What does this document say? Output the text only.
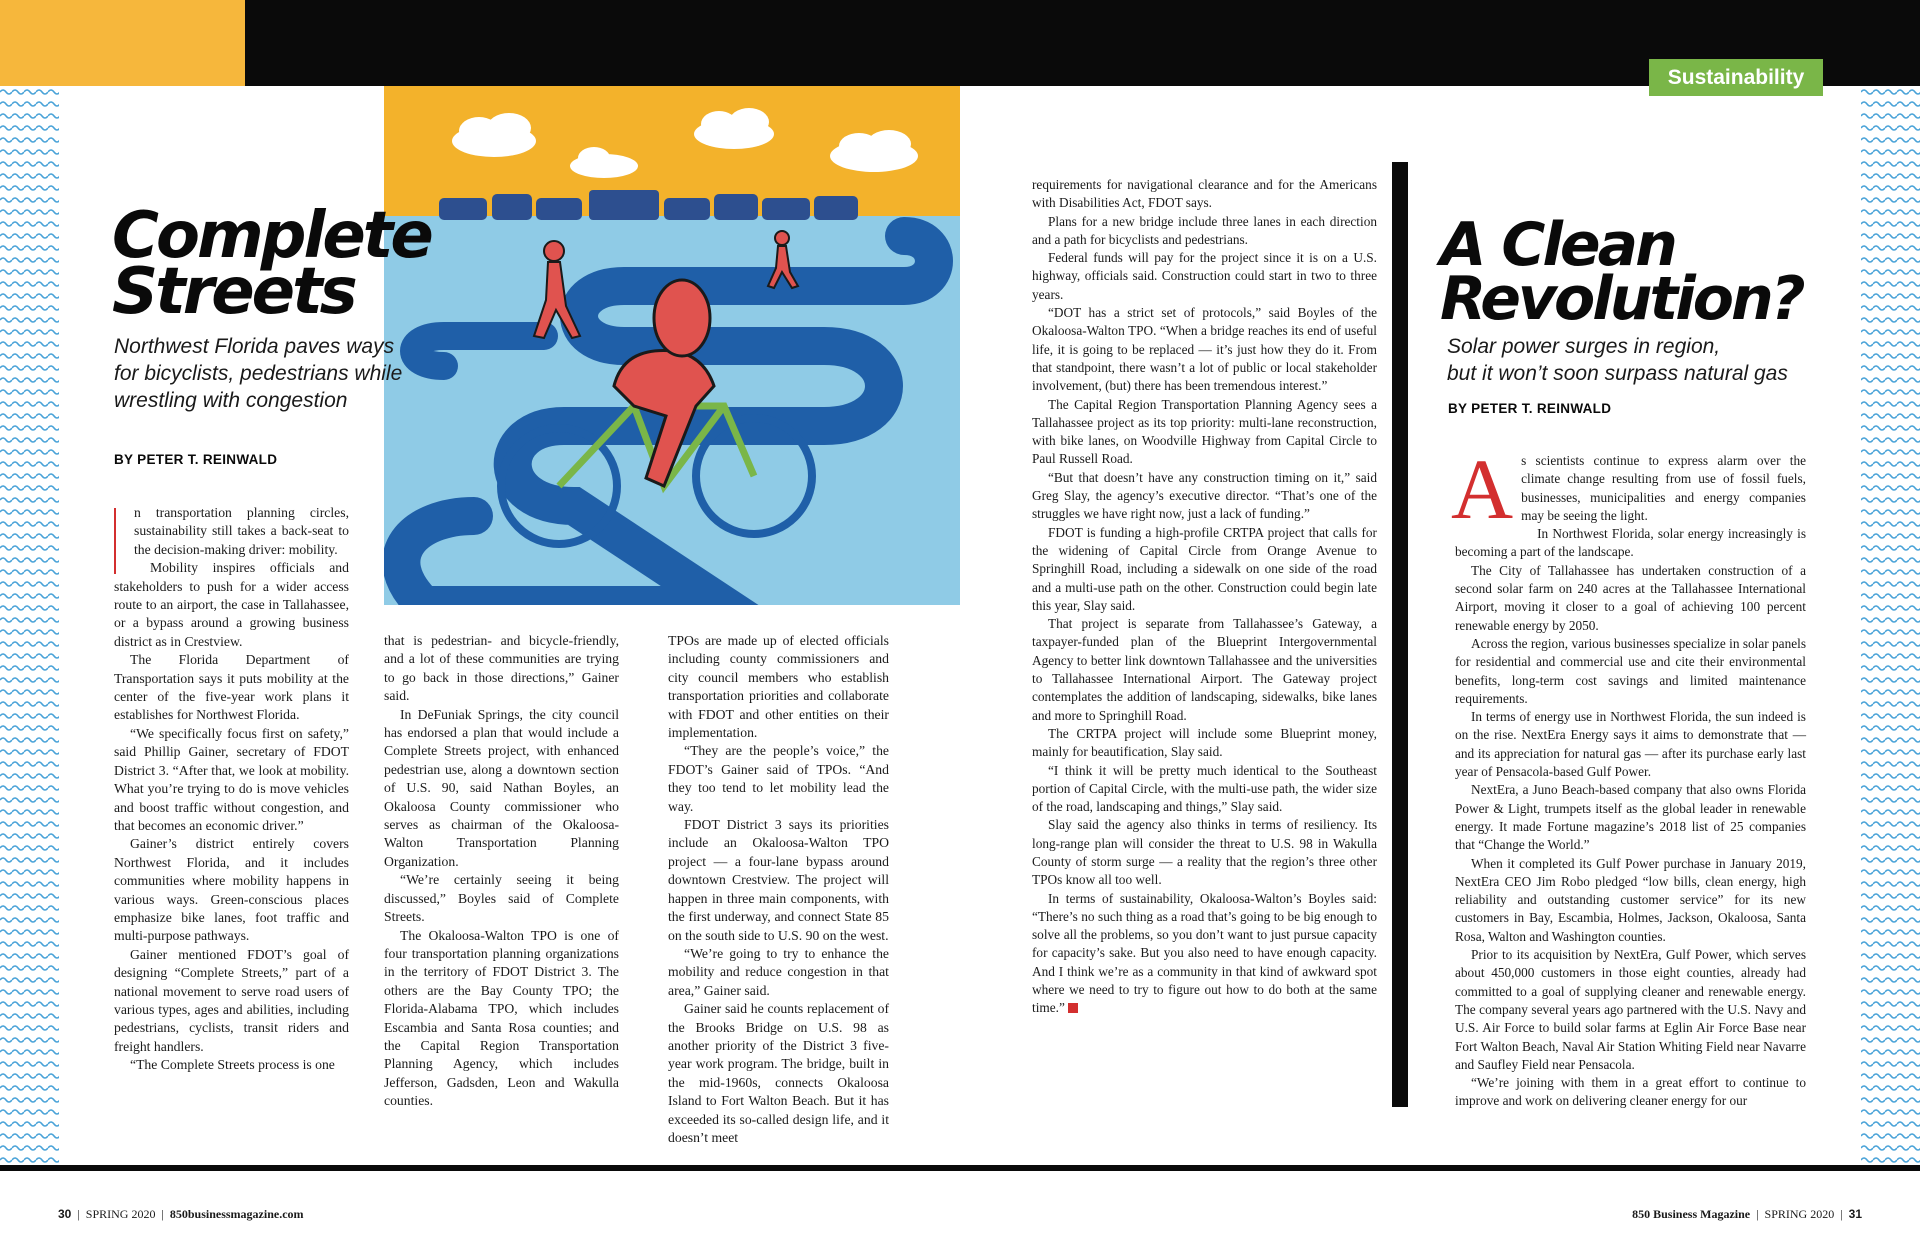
Complete
Streets
Northwest Florida paves ways for bicyclists, pedestrians while wrestling with congestion
BY PETER T. REINWALD

n transportation planning circles, sustainability still takes a back-seat to the decision-making driver: mobility.

Mobility inspires officials and stakeholders to push for a wider access route to an airport, the case in Tallahassee, or a bypass around a growing business district as in Crestview.

The Florida Department of Transportation says it puts mobility at the center of the five-year work plans it establishes for Northwest Florida.

“We specifically focus first on safety,” said Phillip Gainer, secretary of FDOT District 3. “After that, we look at mobility. What you’re trying to do is move vehicles and boost traffic without congestion, and that becomes an economic driver.”

Gainer’s district entirely covers Northwest Florida, and it includes communities where mobility happens in various ways. Green-conscious places emphasize bike lanes, foot traffic and multi-purpose pathways.

Gainer mentioned FDOT’s goal of designing “Complete Streets,” part of a national movement to serve road users of various types, ages and abilities, including pedestrians, cyclists, transit riders and freight handlers.

“The Complete Streets process is one

that is pedestrian- and bicycle-friendly, and a lot of these communities are trying to go back in those directions,” Gainer said.

In DeFuniak Springs, the city council has endorsed a plan that would include a Complete Streets project, with enhanced pedestrian use, along a downtown section of U.S. 90, said Nathan Boyles, an Okaloosa County commissioner who serves as chairman of the Okaloosa-Walton Transportation Planning Organization.

“We’re certainly seeing it being discussed,” Boyles said of Complete Streets.

The Okaloosa-Walton TPO is one of four transportation planning organizations in the territory of FDOT District 3. The others are the Bay County TPO; the Florida-Alabama TPO, which includes Escambia and Santa Rosa counties; and the Capital Region Transportation Planning Agency, which includes Jefferson, Gadsden, Leon and Wakulla counties.

TPOs are made up of elected officials including county commissioners and city council members who establish transportation priorities and collaborate with FDOT and other entities on their implementation.

“They are the people’s voice,” the FDOT’s Gainer said of TPOs. “And they too tend to let mobility lead the way.

FDOT District 3 says its priorities include an Okaloosa-Walton TPO project — a four-lane bypass around downtown Crestview. The project will happen in three main components, with the first underway, and connect State 85 on the south side to U.S. 90 on the west.

“We’re going to try to enhance the mobility and reduce congestion in that area,” Gainer said.

Gainer said he counts replacement of the Brooks Bridge on U.S. 98 as another priority of the District 3 five-year work program. The bridge, built in the mid-1960s, connects Okaloosa Island to Fort Walton Beach. But it has exceeded its so-called design life, and it doesn’t meet

requirements for navigational clearance and for the Americans with Disabilities Act, FDOT says.

Plans for a new bridge include three lanes in each direction and a path for bicyclists and pedestrians.

Federal funds will pay for the project since it is on a U.S. highway, officials said. Construction could start in two to three years.

“DOT has a strict set of protocols,” said Boyles of the Okaloosa-Walton TPO. “When a bridge reaches its end of useful life, it is going to be replaced — it’s just how they do it. From that standpoint, there wasn’t a lot of public or local stakeholder involvement, (but) there has been tremendous interest.”

The Capital Region Transportation Planning Agency sees a Tallahassee project as its top priority: multi-lane reconstruction, with bike lanes, on Woodville Highway from Capital Circle to Paul Russell Road.

“But that doesn’t have any construction timing on it,” said Greg Slay, the agency’s executive director. “That’s one of the struggles we have right now, just a lack of funding.”

FDOT is funding a high-profile CRTPA project that calls for the widening of Capital Circle from Orange Avenue to Springhill Road, including a sidewalk on one side of the road and a multi-use path on the other. Construction could begin late this year, Slay said.

That project is separate from Tallahassee’s Gateway, a taxpayer-funded plan of the Blueprint Intergovernmental Agency to better link downtown Tallahassee and the universities to Tallahassee International Airport. The Gateway project contemplates the addition of landscaping, sidewalks, bike lanes and more to Springhill Road.

The CRTPA project will include some Blueprint money, mainly for beautification, Slay said.

“I think it will be pretty much identical to the Southeast portion of Capital Circle, with the multi-use path, the wider size of the road, landscaping and things,” Slay said.

Slay said the agency also thinks in terms of resiliency. Its long-range plan will consider the threat to U.S. 98 in Wakulla County of storm surge — a reality that the region’s three other TPOs know all too well.

In terms of sustainability, Okaloosa-Walton’s Boyles said: “There’s no such thing as a road that’s going to be big enough to solve all the problems, so you don’t want to just pursue capacity for capacity’s sake. But you also need to have enough capacity. And I think we’re as a community in that kind of awkward spot where we need to try to figure out how to do both at the same time.”

Sustainability
A Clean
Revolution?
Solar power surges in region,
but it won’t soon surpass natural gas
BY PETER T. REINWALD

As scientists continue to express alarm over the climate change resulting from use of fossil fuels, businesses, municipalities and energy companies may be seeing the light.

In Northwest Florida, solar energy increasingly is becoming a part of the landscape.

The City of Tallahassee has undertaken construction of a second solar farm on 240 acres at the Tallahassee International Airport, moving it closer to a goal of achieving 100 percent renewable energy by 2050.

Across the region, various businesses specialize in solar panels for residential and commercial use and cite their environmental benefits, long-term cost savings and limited maintenance requirements.

In terms of energy use in Northwest Florida, the sun indeed is on the rise. NextEra Energy says it aims to demonstrate that — and its appreciation for natural gas — after its purchase early last year of Pensacola-based Gulf Power.

NextEra, a Juno Beach-based company that also owns Florida Power & Light, trumpets itself as the global leader in renewable energy. It made Fortune magazine’s 2018 list of 25 companies that “Change the World.”

When it completed its Gulf Power purchase in January 2019, NextEra CEO Jim Robo pledged “low bills, clean energy, high reliability and outstanding customer service” for its new customers in Bay, Escambia, Holmes, Jackson, Okaloosa, Santa Rosa, Walton and Washington counties.

Prior to its acquisition by NextEra, Gulf Power, which serves about 450,000 customers in those eight counties, already had committed to a goal of supplying cleaner and renewable energy. The company several years ago partnered with the U.S. Navy and U.S. Air Force to build solar farms at Eglin Air Force Base near Fort Walton Beach, Naval Air Station Whiting Field near Navarre and Saufley Field near Pensacola.

“We’re joining with them in a great effort to continue to improve and work on delivering cleaner energy for our

30  |  SPRING 2020  |  850businessmagazine.com	850 Business Magazine  |  SPRING 2020  |  31
